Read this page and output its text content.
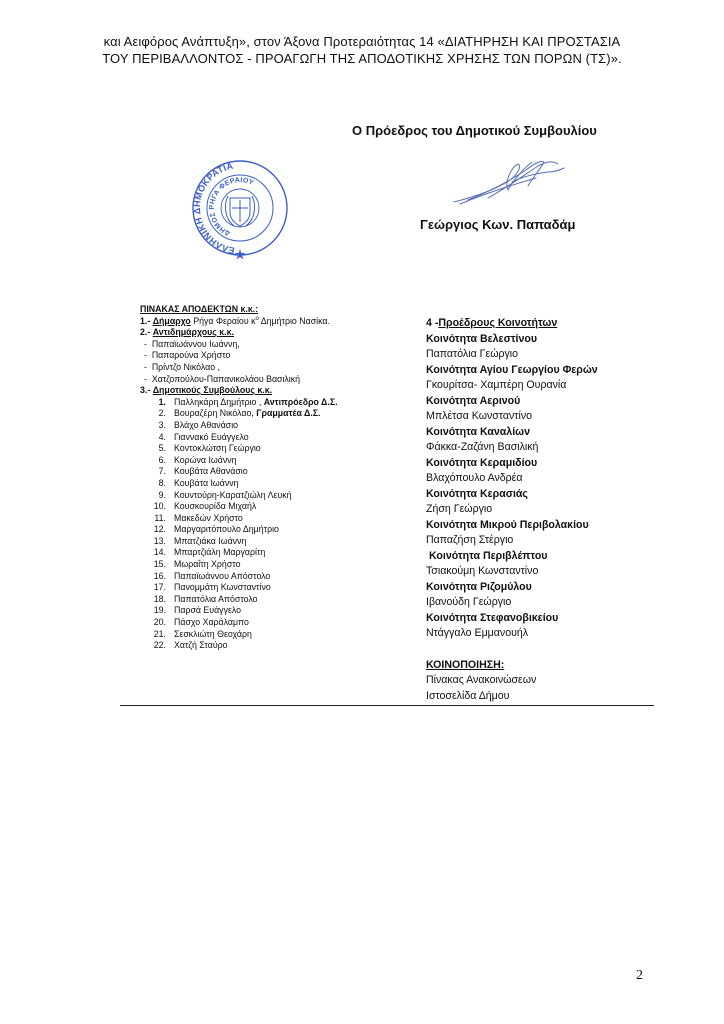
και Αειφόρος Ανάπτυξη», στον Άξονα Προτεραιότητας 14 «ΔΙΑΤΗΡΗΣΗ ΚΑΙ ΠΡΟΣΤΑΣΙΑ
ΤΟΥ ΠΕΡΙΒΑΛΛΟΝΤΟΣ - ΠΡΟΑΓΩΓΗ ΤΗΣ ΑΠΟΔΟΤΙΚΗΣ ΧΡΗΣΗΣ ΤΩΝ ΠΟΡΩΝ (ΤΣ)».
Ο Πρόεδρος του Δημοτικού Συμβουλίου
Γεώργιος Κων. Παπαδάμ
ΕΛΛΗΝΙΚΗ ΔΗΜΟΚΡΑΤΙΑ
ΔΗΜΟΣ ΡΗΓΑ ΦΕΡΑΙΟΥ
ΠΙΝΑΚΑΣ ΑΠΟΔΕΚΤΩΝ κ.κ.:
1.- Δήμαρχο Ρήγα Φεραίου $\kappa^o$ Δημήτριο Νασίκα.
2.- Αντιδημάρχους κ.κ.
-  Παπαϊωάννου Ιωάννη,
-  Παπαρούνα Χρήστο
-  Πρίντζο Νικόλαο ,
-  Χατζοπούλου-Παπανικολάου Βασιλική
3.- Δημοτικούς Συμβούλους κ.κ.
1. Παλληκάρη Δημήτριο , Αντιπρόεδρο Δ.Σ.
2. Βουραζέρη Νικόλαο, Γραμματέα Δ.Σ.
3. Βλάχο Αθανάσιο
4. Γιαννακό Ευάγγελο
5. Κοντοκλώτση Γεώργιο
6. Κορώνα Ιωάννη
7. Κουβάτα Αθανάσιο
8. Κουβάτα Ιωάννη
9. Κουντούρη-Καρατζιώλη Λευκή
10. Κουσκουρίδα Μιχαήλ
11. Μακεδών Χρήστο
12. Μαργαριτόπουλο Δημήτριο
13. Μπατζιάκα Ιωάννη
14. Μπαρτζιάλη Μαργαρίτη
15. Μωραΐτη Χρήστο
16. Παπαϊωάννου Απόστολο
17. Πανομμάτη Κωνσταντίνο
18. Παπατόλια Απόστολο
19. Παρσά Ευάγγελο
20. Πάσχο Χαράλαμπο
21. Σεσκλιώτη Θεοχάρη
22. Χατζή Σταύρο
4 -Προέδρους Κοινοτήτων
Κοινότητα Βελεστίνου
Παπατόλια Γεώργιο
Κοινότητα Αγίου Γεωργίου Φερών
Γκουρίτσα- Χαμπέρη Ουρανία
Κοινότητα Αερινού
Μπλέτσα Κωνσταντίνο
Κοινότητα Καναλίων
Φάκκα-Ζαζάνη Βασιλική
Κοινότητα Κεραμιδίου
Βλαχόπουλο Ανδρέα
Κοινότητα Κερασιάς
Ζήση Γεώργιο
Κοινότητα Μικρού Περιβολακίου
Παπαζήση Στέργιο
Κοινότητα Περιβλέπτου
Τσιακούμη Κωνσταντίνο
Κοινότητα Ριζομύλου
Ιβανούδη Γεώργιο
Κοινότητα Στεφανοβικείου
Ντάγγαλο Εμμανουήλ
ΚΟΙΝΟΠΟΙΗΣΗ:
Πίνακας Ανακοινώσεων
Ιστοσελίδα Δήμου
2
